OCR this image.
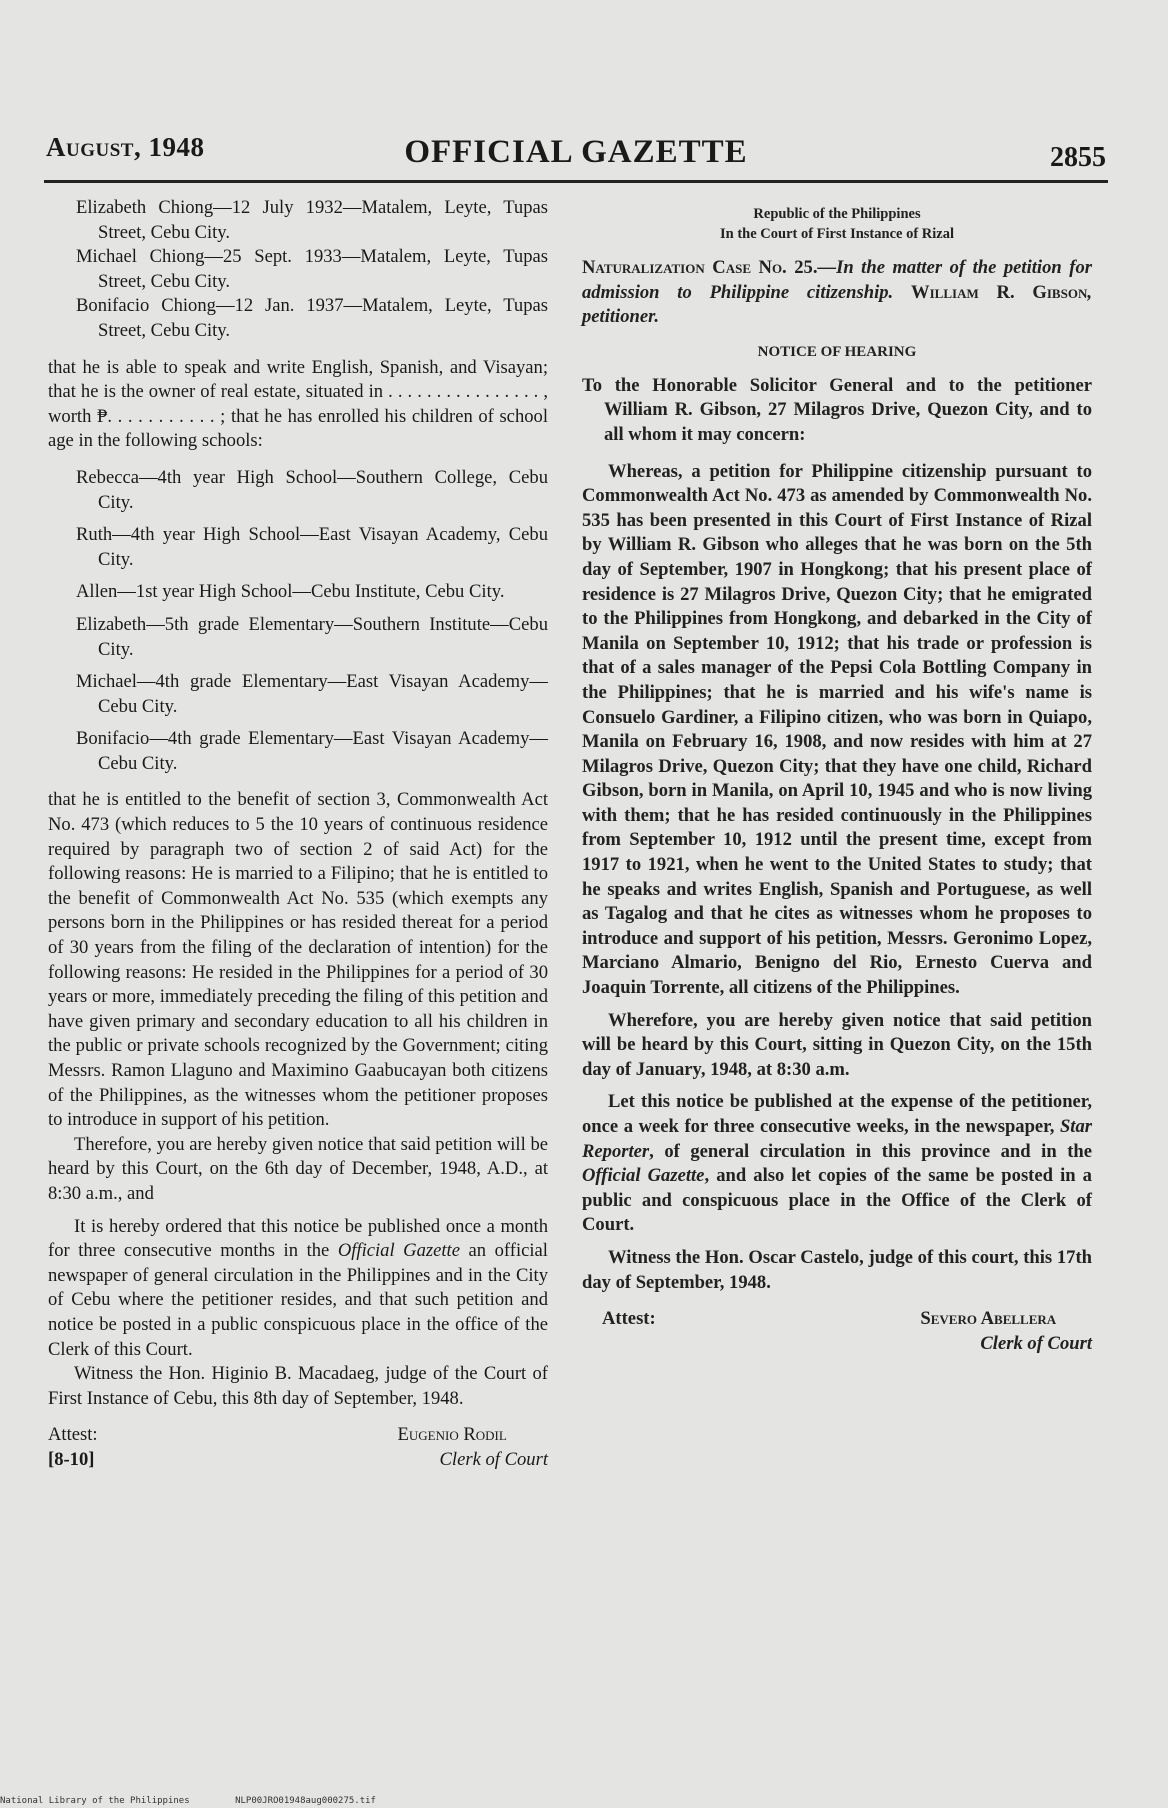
August, 1948	OFFICIAL GAZETTE	2855

Elizabeth Chiong—12 July 1932—Matalem, Leyte, Tupas Street, Cebu City.

Michael Chiong—25 Sept. 1933—Matalem, Leyte, Tupas Street, Cebu City.

Bonifacio Chiong—12 Jan. 1937—Matalem, Leyte, Tupas Street, Cebu City.

that he is able to speak and write English, Spanish, and Visayan; that he is the owner of real estate, situated in . . . . . . . . . . . . . . . . , worth ₱. . . . . . . . . . . ; that he has enrolled his children of school age in the following schools:

Rebecca—4th year High School—Southern College, Cebu City.

Ruth—4th year High School—East Visayan Academy, Cebu City.

Allen—1st year High School—Cebu Institute, Cebu City.

Elizabeth—5th grade Elementary—Southern Institute—Cebu City.

Michael—4th grade Elementary—East Visayan Academy—Cebu City.

Bonifacio—4th grade Elementary—East Visayan Academy—Cebu City.

that he is entitled to the benefit of section 3, Commonwealth Act No. 473 (which reduces to 5 the 10 years of continuous residence required by paragraph two of section 2 of said Act) for the following reasons: He is married to a Filipino; that he is entitled to the benefit of Commonwealth Act No. 535 (which exempts any persons born in the Philippines or has resided thereat for a period of 30 years from the filing of the declaration of intention) for the following reasons: He resided in the Philippines for a period of 30 years or more, immediately preceding the filing of this petition and have given primary and secondary education to all his children in the public or private schools recognized by the Government; citing Messrs. Ramon Llaguno and Maximino Gaabucayan both citizens of the Philippines, as the witnesses whom the petitioner proposes to introduce in support of his petition.

Therefore, you are hereby given notice that said petition will be heard by this Court, on the 6th day of December, 1948, A.D., at 8:30 a.m., and

It is hereby ordered that this notice be published once a month for three consecutive months in the Official Gazette an official newspaper of general circulation in the Philippines and in the City of Cebu where the petitioner resides, and that such petition and notice be posted in a public conspicuous place in the office of the Clerk of this Court.

Witness the Hon. Higinio B. Macadaeg, judge of the Court of First Instance of Cebu, this 8th day of September, 1948.

Attest:
[8-10]
Eugenio Rodil
Clerk of Court

Republic of the Philippines

In the Court of First Instance of Rizal

Naturalization Case No. 25.—In the matter of the petition for admission to Philippine citizenship. William R. Gibson, petitioner.

NOTICE OF HEARING

To the Honorable Solicitor General and to the petitioner William R. Gibson, 27 Milagros Drive, Quezon City, and to all whom it may concern:

Whereas, a petition for Philippine citizenship pursuant to Commonwealth Act No. 473 as amended by Commonwealth No. 535 has been presented in this Court of First Instance of Rizal by William R. Gibson who alleges that he was born on the 5th day of September, 1907 in Hongkong; that his present place of residence is 27 Milagros Drive, Quezon City; that he emigrated to the Philippines from Hongkong, and debarked in the City of Manila on September 10, 1912; that his trade or profession is that of a sales manager of the Pepsi Cola Bottling Company in the Philippines; that he is married and his wife's name is Consuelo Gardiner, a Filipino citizen, who was born in Quiapo, Manila on February 16, 1908, and now resides with him at 27 Milagros Drive, Quezon City; that they have one child, Richard Gibson, born in Manila, on April 10, 1945 and who is now living with them; that he has resided continuously in the Philippines from September 10, 1912 until the present time, except from 1917 to 1921, when he went to the United States to study; that he speaks and writes English, Spanish and Portuguese, as well as Tagalog and that he cites as witnesses whom he proposes to introduce and support of his petition, Messrs. Geronimo Lopez, Marciano Almario, Benigno del Rio, Ernesto Cuerva and Joaquin Torrente, all citizens of the Philippines.

Wherefore, you are hereby given notice that said petition will be heard by this Court, sitting in Quezon City, on the 15th day of January, 1948, at 8:30 a.m.

Let this notice be published at the expense of the petitioner, once a week for three consecutive weeks, in the newspaper, Star Reporter, of general circulation in this province and in the Official Gazette, and also let copies of the same be posted in a public and conspicuous place in the Office of the Clerk of Court.

Witness the Hon. Oscar Castelo, judge of this court, this 17th day of September, 1948.

Attest:	Severo Abellera
Clerk of Court
National Library of the Philippines	NLP00JRO01948aug000275.tif
